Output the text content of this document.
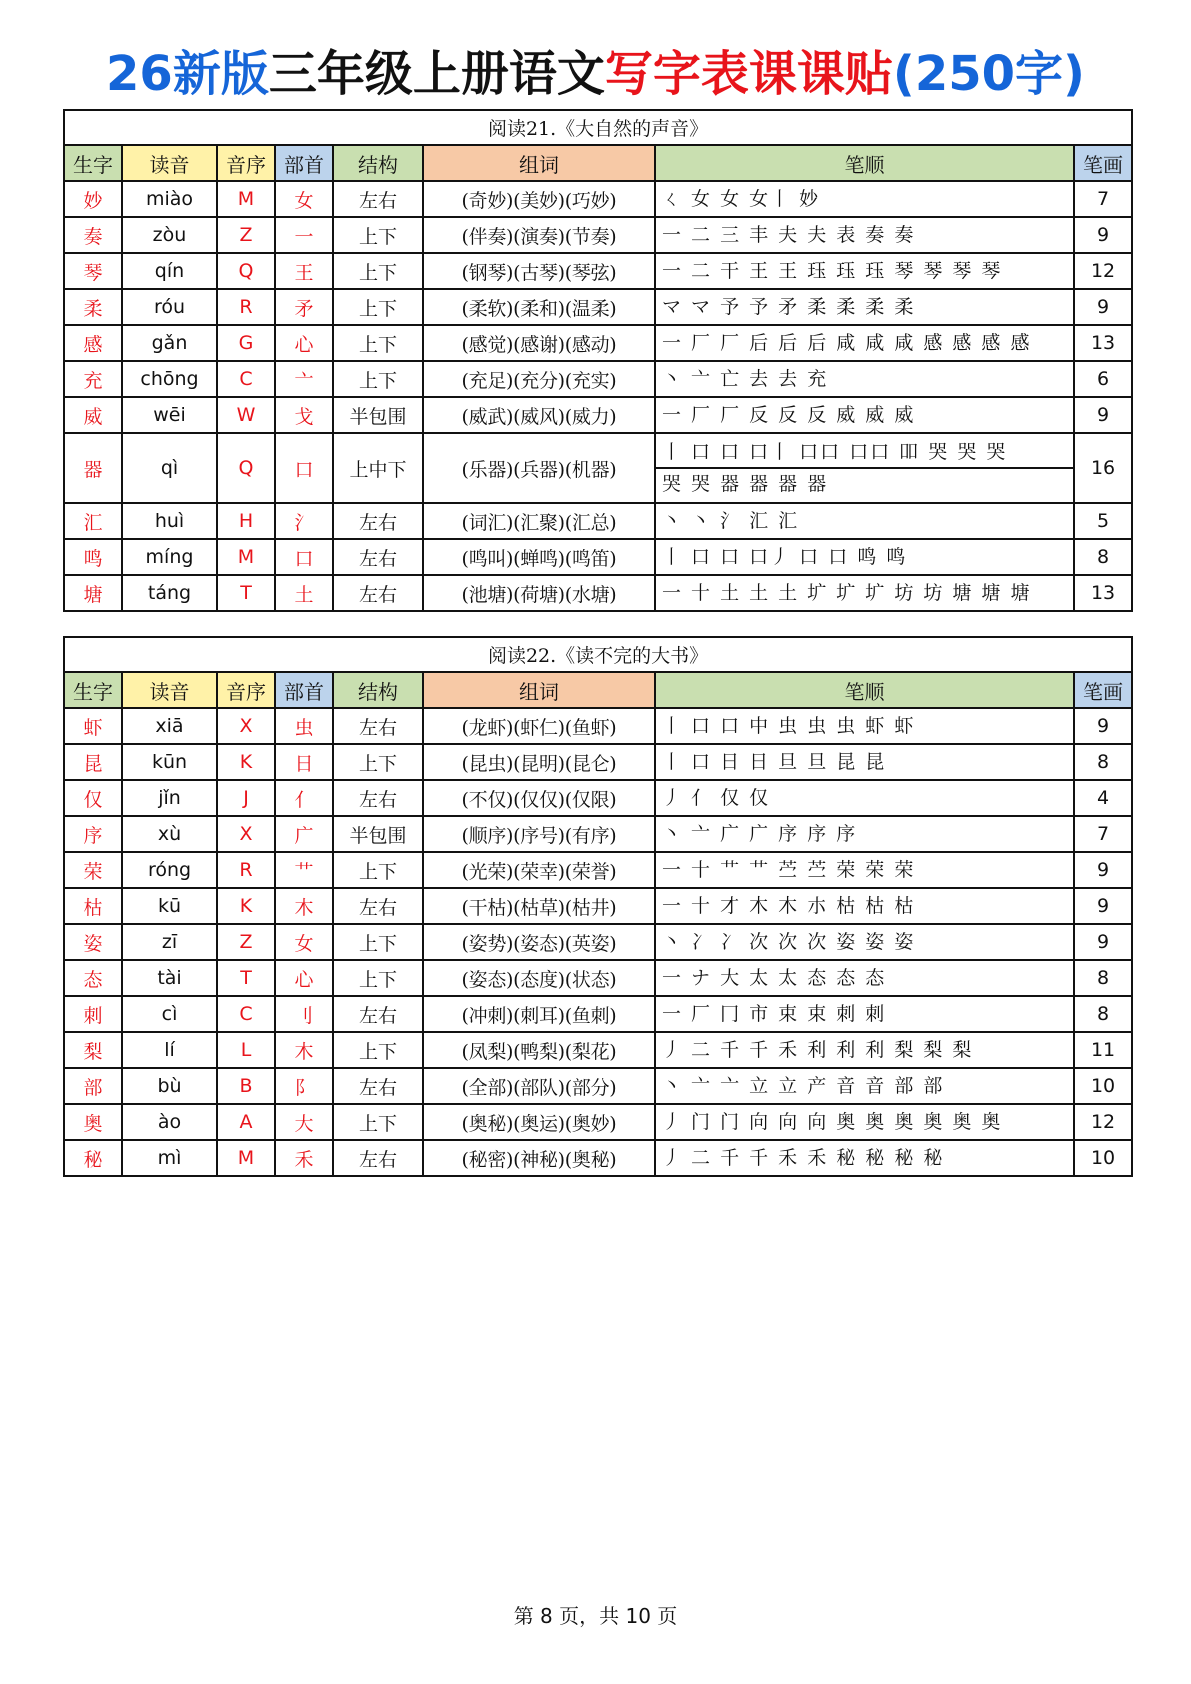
26新版三年级上册语文写字表课课贴(250字)
阅读21.《大自然的声音》							
生字	读音	音序	部首	结构	组词	笔顺	笔画
妙	miào	M	女	左右	(奇妙)(美妙)(巧妙)	ㄑ 女 女 女丨 妙	7
奏	zòu	Z	一	上下	(伴奏)(演奏)(节奏)	一 二 三 丰 夫 夫 表 奏 奏	9
琴	qín	Q	王	上下	(钢琴)(古琴)(琴弦)	一 二 干 王 王 珏 珏 珏 琴 琴 琴 琴	12
柔	róu	R	矛	上下	(柔软)(柔和)(温柔)	マ マ 予 予 矛 柔 柔 柔 柔	9
感	gǎn	G	心	上下	(感觉)(感谢)(感动)	一 厂 厂 后 后 后 咸 咸 咸 感 感 感 感	13
充	chōng	C	亠	上下	(充足)(充分)(充实)	丶 亠 亡 去 去 充	6
威	wēi	W	戈	半包围	(威武)(威风)(威力)	一 厂 厂 反 反 反 威 威 威	9
器	qì	Q	口	上中下	(乐器)(兵器)(机器)	丨 口 口 口丨 口口 口口 吅 哭 哭 哭
哭 哭 器 器 器 器	16
汇	huì	H	氵	左右	(词汇)(汇聚)(汇总)	丶 丶 氵 汇 汇	5
鸣	míng	M	口	左右	(鸣叫)(蝉鸣)(鸣笛)	丨 口 口 口丿 口 口 鸣 鸣	8
塘	táng	T	土	左右	(池塘)(荷塘)(水塘)	一 十 土 土 土 圹 圹 圹 坊 坊 塘 塘 塘	13
阅读22.《读不完的大书》							
生字	读音	音序	部首	结构	组词	笔顺	笔画
虾	xiā	X	虫	左右	(龙虾)(虾仁)(鱼虾)	丨 口 口 中 虫 虫 虫 虾 虾	9
昆	kūn	K	日	上下	(昆虫)(昆明)(昆仑)	丨 口 日 日 旦 旦 昆 昆	8
仅	jǐn	J	亻	左右	(不仅)(仅仅)(仅限)	丿 亻 仅 仅	4
序	xù	X	广	半包围	(顺序)(序号)(有序)	丶 亠 广 广 序 序 序	7
荣	róng	R	艹	上下	(光荣)(荣幸)(荣誉)	一 十 艹 艹 苎 苎 荣 荣 荣	9
枯	kū	K	木	左右	(干枯)(枯草)(枯井)	一 十 才 木 木 朩 枯 枯 枯	9
姿	zī	Z	女	上下	(姿势)(姿态)(英姿)	丶 冫 冫 次 次 次 姿 姿 姿	9
态	tài	T	心	上下	(姿态)(态度)(状态)	一 ナ 大 太 太 态 态 态	8
刺	cì	C	刂	左右	(冲刺)(刺耳)(鱼刺)	一 厂 冂 市 束 束 刺 刺	8
梨	lí	L	木	上下	(凤梨)(鸭梨)(梨花)	丿 二 千 千 禾 利 利 利 梨 梨 梨	11
部	bù	B	阝	左右	(全部)(部队)(部分)	丶 亠 亠 立 立 产 音 音 部 部	10
奥	ào	A	大	上下	(奥秘)(奥运)(奥妙)	丿 门 门 向 向 向 奥 奥 奥 奥 奥 奥	12
秘	mì	M	禾	左右	(秘密)(神秘)(奥秘)	丿 二 千 千 禾 禾 秘 秘 秘 秘	10
第 8 页，共 10 页
